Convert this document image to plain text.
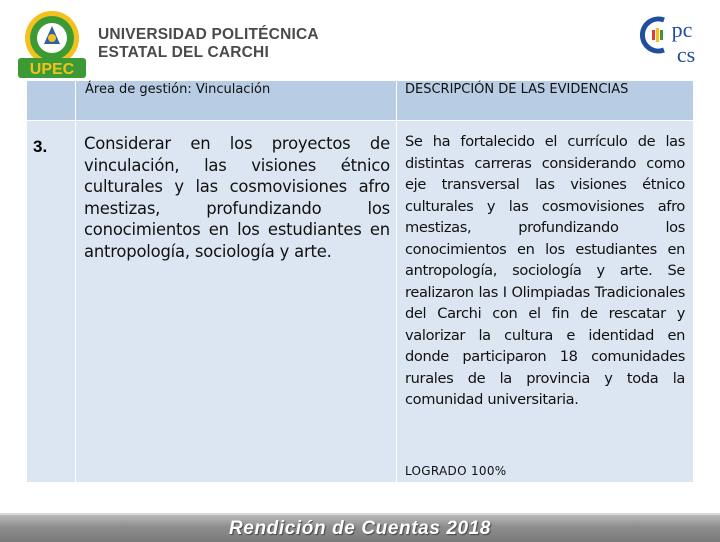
UPEC
UNIVERSIDAD POLITÉCNICA
ESTATAL DEL CARCHI
pc
cs
	Área de gestión: Vinculación	DESCRIPCIÓN DE LAS EVIDENCIAS
3.	Considerar en los proyectos de vinculación, las visiones étnico culturales y las cosmovisiones afro mestizas, profundizando los conocimientos en los estudiantes en antropología, sociología y arte.	Se ha fortalecido el currículo de las distintas carreras considerando como eje transversal las visiones étnico culturales y las cosmovisiones afro mestizas, profundizando los conocimientos en los estudiantes en antropología, sociología y arte. Se realizaron las I Olimpiadas Tradicionales del Carchi con el fin de rescatar y valorizar la cultura e identidad en donde participaron 18 comunidades rurales de la provincia y toda la comunidad universitaria.
LOGRADO 100%
Rendición de Cuentas 2018
